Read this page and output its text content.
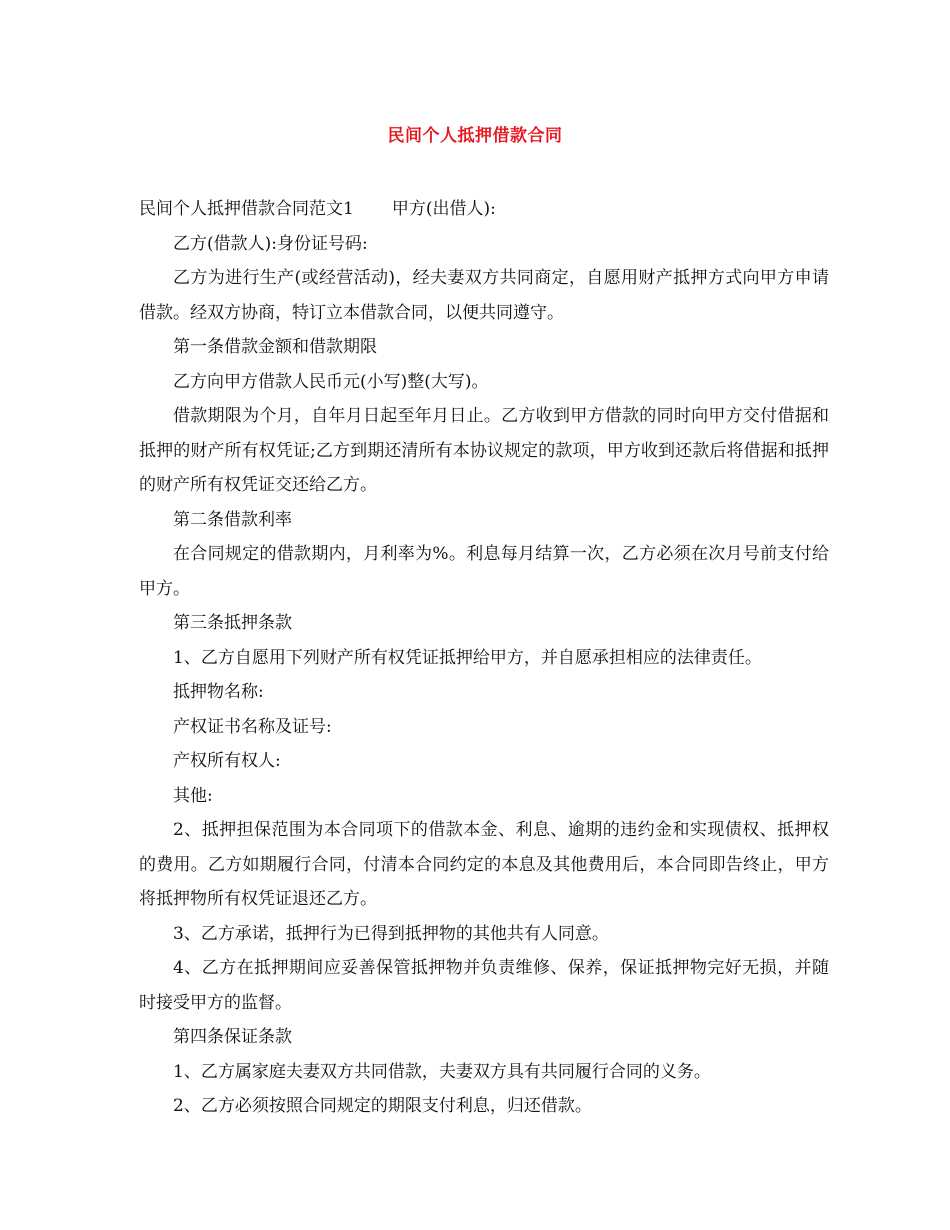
民间个人抵押借款合同

民间个人抵押借款合同范文1 甲方(出借人):

乙方(借款人):身份证号码:

乙方为进行生产(或经营活动)，经夫妻双方共同商定，自愿用财产抵押方式向甲方申请借款。经双方协商，特订立本借款合同，以便共同遵守。

第一条借款金额和借款期限

乙方向甲方借款人民币元(小写)整(大写)。

借款期限为个月，自年月日起至年月日止。乙方收到甲方借款的同时向甲方交付借据和抵押的财产所有权凭证;乙方到期还清所有本协议规定的款项，甲方收到还款后将借据和抵押的财产所有权凭证交还给乙方。

第二条借款利率

在合同规定的借款期内，月利率为%。利息每月结算一次，乙方必须在次月号前支付给甲方。

第三条抵押条款

1、乙方自愿用下列财产所有权凭证抵押给甲方，并自愿承担相应的法律责任。

抵押物名称:

产权证书名称及证号:

产权所有权人:

其他:

2、抵押担保范围为本合同项下的借款本金、利息、逾期的违约金和实现债权、抵押权的费用。乙方如期履行合同，付清本合同约定的本息及其他费用后，本合同即告终止，甲方将抵押物所有权凭证退还乙方。

3、乙方承诺，抵押行为已得到抵押物的其他共有人同意。

4、乙方在抵押期间应妥善保管抵押物并负责维修、保养，保证抵押物完好无损，并随时接受甲方的监督。

第四条保证条款

1、乙方属家庭夫妻双方共同借款，夫妻双方具有共同履行合同的义务。

2、乙方必须按照合同规定的期限支付利息，归还借款。
